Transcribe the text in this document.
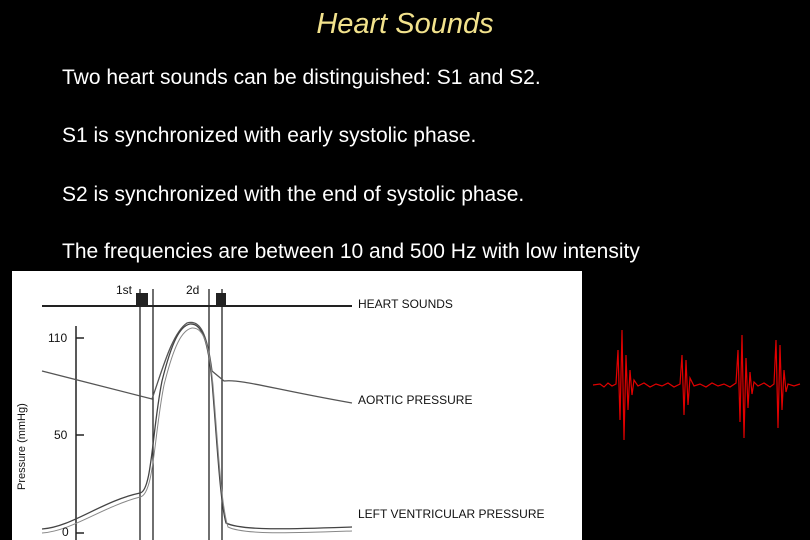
Heart Sounds
Two heart sounds can be distinguished: S1 and S2.
S1 is synchronized with early systolic phase.
S2 is synchronized with the end of systolic phase.
The frequencies are between 10 and 500 Hz with low intensity
1st	2d
HEART SOUNDS
AORTIC PRESSURE
LEFT VENTRICULAR PRESSURE
110
50
0
Pressure (mmHg)
